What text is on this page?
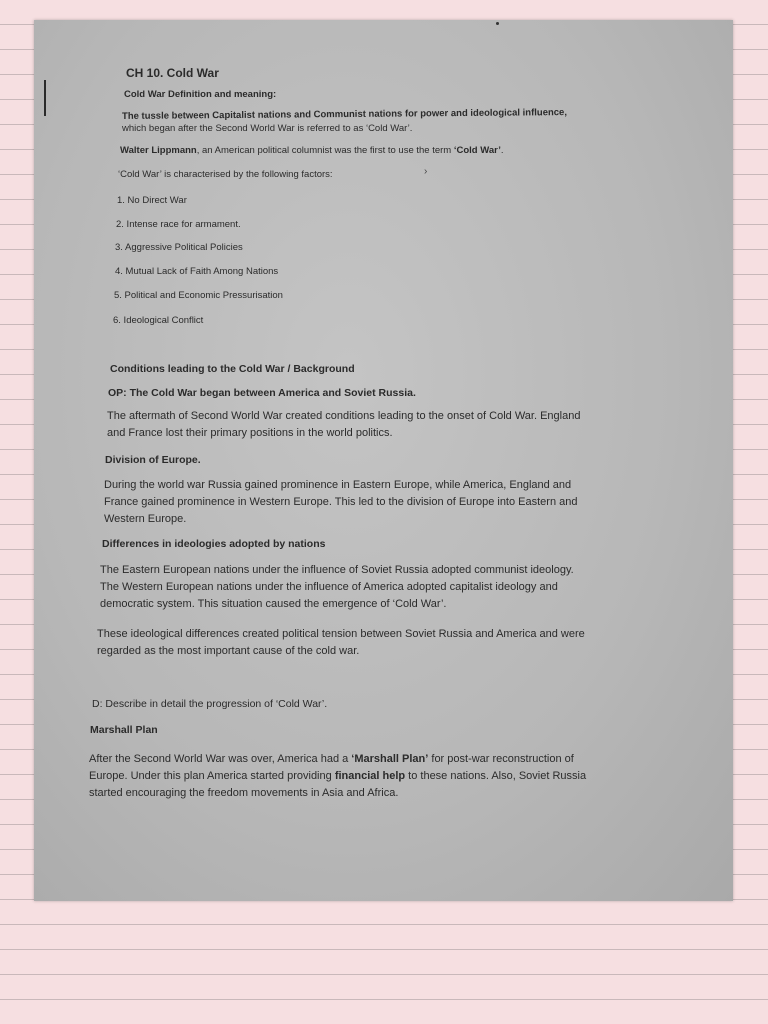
›
CH 10. Cold War
Cold War Definition and meaning:
The tussle between Capitalist nations and Communist nations for power and ideological influence,
which began after the Second World War is referred to as ‘Cold War’.
Walter Lippmann, an American political columnist was the first to use the term ‘Cold War’.
‘Cold War’ is characterised by the following factors:
1. No Direct War
2. Intense race for armament.
3. Aggressive Political Policies
4. Mutual Lack of Faith Among Nations
5. Political and Economic Pressurisation
6. Ideological Conflict
Conditions leading to the Cold War / Background
OP: The Cold War began between America and Soviet Russia.
The aftermath of Second World War created conditions leading to the onset of Cold War. England
and France lost their primary positions in the world politics.
Division of Europe.
During the world war Russia gained prominence in Eastern Europe, while America, England and
France gained prominence in Western Europe. This led to the division of Europe into Eastern and
Western Europe.
Differences in ideologies adopted by nations
The Eastern European nations under the influence of Soviet Russia adopted communist ideology.
The Western European nations under the influence of America adopted capitalist ideology and
democratic system. This situation caused the emergence of ‘Cold War’.
These ideological differences created political tension between Soviet Russia and America and were
regarded as the most important cause of the cold war.
D: Describe in detail the progression of ‘Cold War’.
Marshall Plan
After the Second World War was over, America had a ‘Marshall Plan’ for post-war reconstruction of
Europe. Under this plan America started providing financial help to these nations. Also, Soviet Russia
started encouraging the freedom movements in Asia and Africa.
